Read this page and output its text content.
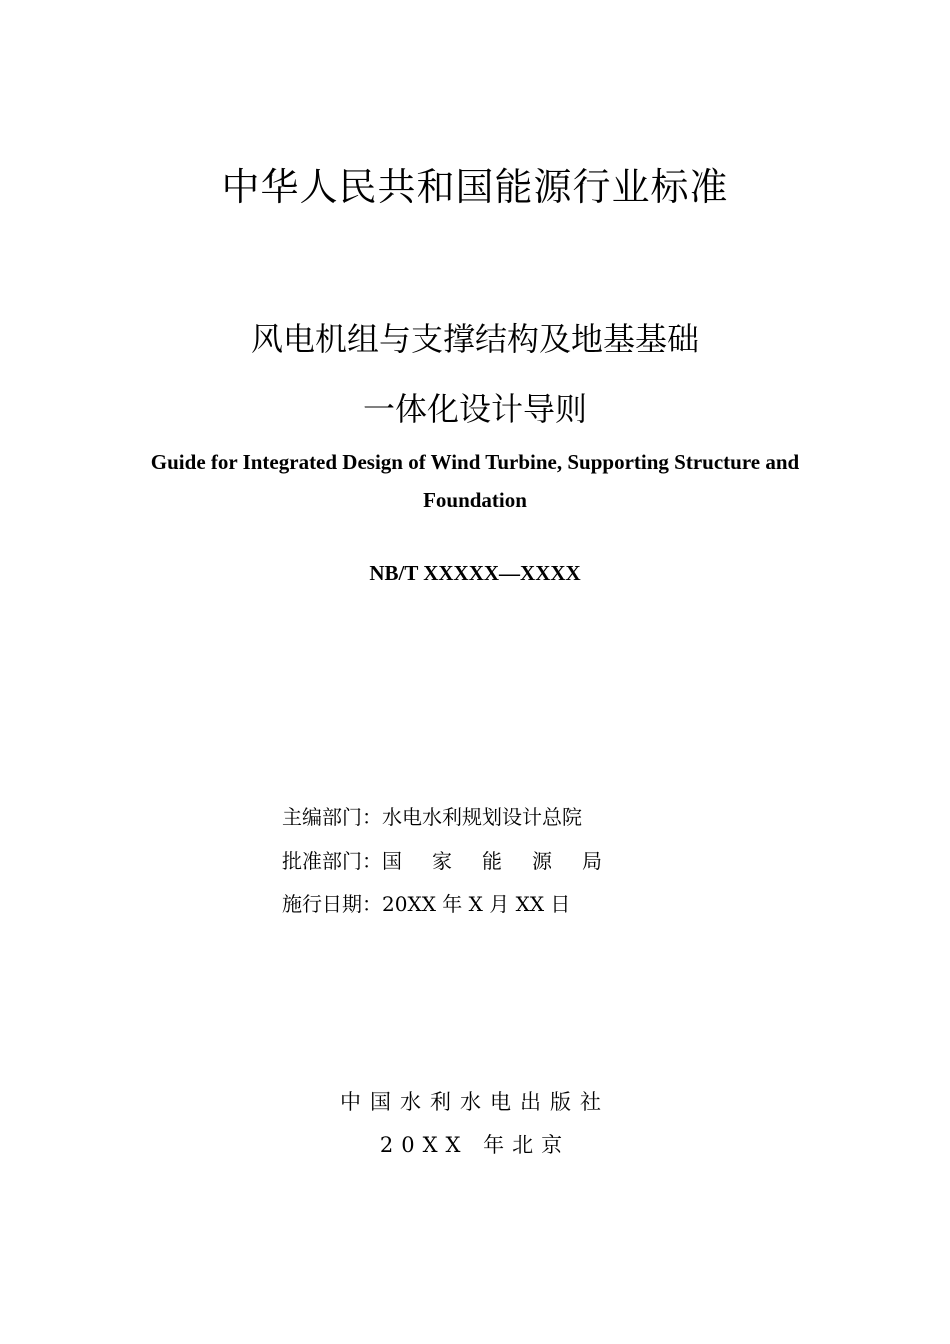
中华人民共和国能源行业标准
风电机组与支撑结构及地基基础
一体化设计导则
Guide for Integrated Design of Wind Turbine, Supporting Structure and
Foundation
NB/T XXXXX—XXXX
主编部门：水电水利规划设计总院
批准部门：国 家 能 源 局
施行日期：20XX 年 X 月 XX 日
中国水利水电出版社
20XX 年北京
